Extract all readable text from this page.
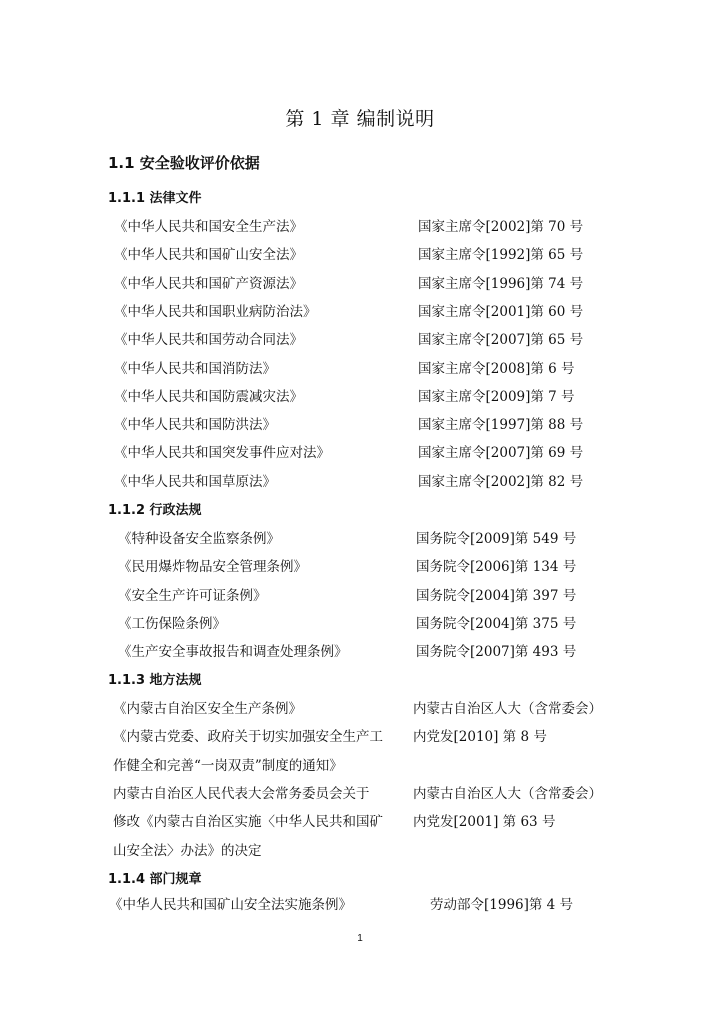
第 1 章 编制说明
1.1 安全验收评价依据
1.1.1 法律文件
《中华人民共和国安全生产法》	国家主席令[2002]第 70 号
《中华人民共和国矿山安全法》	国家主席令[1992]第 65 号
《中华人民共和国矿产资源法》	国家主席令[1996]第 74 号
《中华人民共和国职业病防治法》	国家主席令[2001]第 60 号
《中华人民共和国劳动合同法》	国家主席令[2007]第 65 号
《中华人民共和国消防法》	国家主席令[2008]第 6 号
《中华人民共和国防震减灾法》	国家主席令[2009]第 7 号
《中华人民共和国防洪法》	国家主席令[1997]第 88 号
《中华人民共和国突发事件应对法》	国家主席令[2007]第 69 号
《中华人民共和国草原法》	国家主席令[2002]第 82 号
1.1.2 行政法规
《特种设备安全监察条例》	国务院令[2009]第 549 号
《民用爆炸物品安全管理条例》	国务院令[2006]第 134 号
《安全生产许可证条例》	国务院令[2004]第 397 号
《工伤保险条例》	国务院令[2004]第 375 号
《生产安全事故报告和调查处理条例》	国务院令[2007]第 493 号
1.1.3 地方法规
《内蒙古自治区安全生产条例》	内蒙古自治区人大（含常委会）
《内蒙古党委、政府关于切实加强安全生产工 内党发[2010] 第 8 号
作健全和完善“一岗双责”制度的通知》
内蒙古自治区人民代表大会常务委员会关于	内蒙古自治区人大（含常委会）
修改《内蒙古自治区实施〈中华人民共和国矿 内党发[2001] 第 63 号
山安全法〉办法》的决定
1.1.4 部门规章
《中华人民共和国矿山安全法实施条例》	劳动部令[1996]第 4 号
1
